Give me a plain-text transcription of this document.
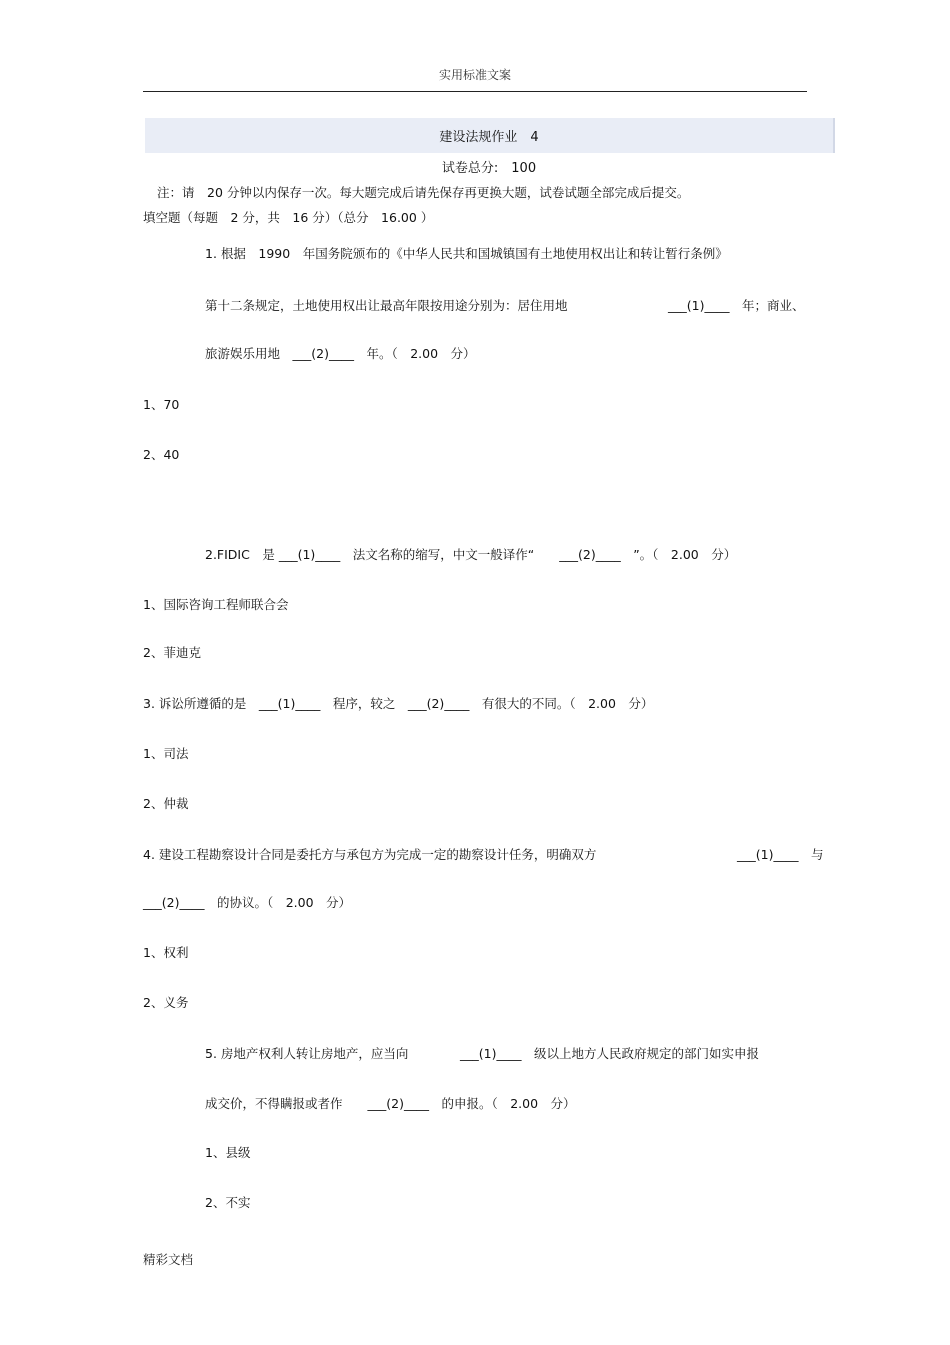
实用标准文案
建设法规作业　4
试卷总分:　100
注：请　20 分钟以内保存一次。每大题完成后请先保存再更换大题，试卷试题全部完成后提交。
填空题（每题　2 分，共　16 分）（总分　16.00 ）
1. 根据　1990　年国务院颁布的《中华人民共和国城镇国有土地使用权出让和转让暂行条例》
第十二条规定，土地使用权出让最高年限按用途分别为：居住用地	___(1)____　年；商业、
旅游娱乐用地　___(2)____　年。（　2.00　分）
1、70
2、40
2.FIDIC　是 ___(1)____　法文名称的缩写，中文一般译作“　　___(2)____　”。（　2.00　分）
1、国际咨询工程师联合会
2、菲迪克
3. 诉讼所遵循的是　___(1)____　程序，较之　___(2)____　有很大的不同。（　2.00　分）
1、司法
2、仲裁
4. 建设工程勘察设计合同是委托方与承包方为完成一定的勘察设计任务，明确双方	___(1)____　与
___(2)____　的协议。（　2.00　分）
1、权利
2、义务
5. 房地产权利人转让房地产，应当向	___(1)____　级以上地方人民政府规定的部门如实申报
成交价，不得瞒报或者作　　___(2)____　的申报。（　2.00　分）
1、县级
2、不实
精彩文档
